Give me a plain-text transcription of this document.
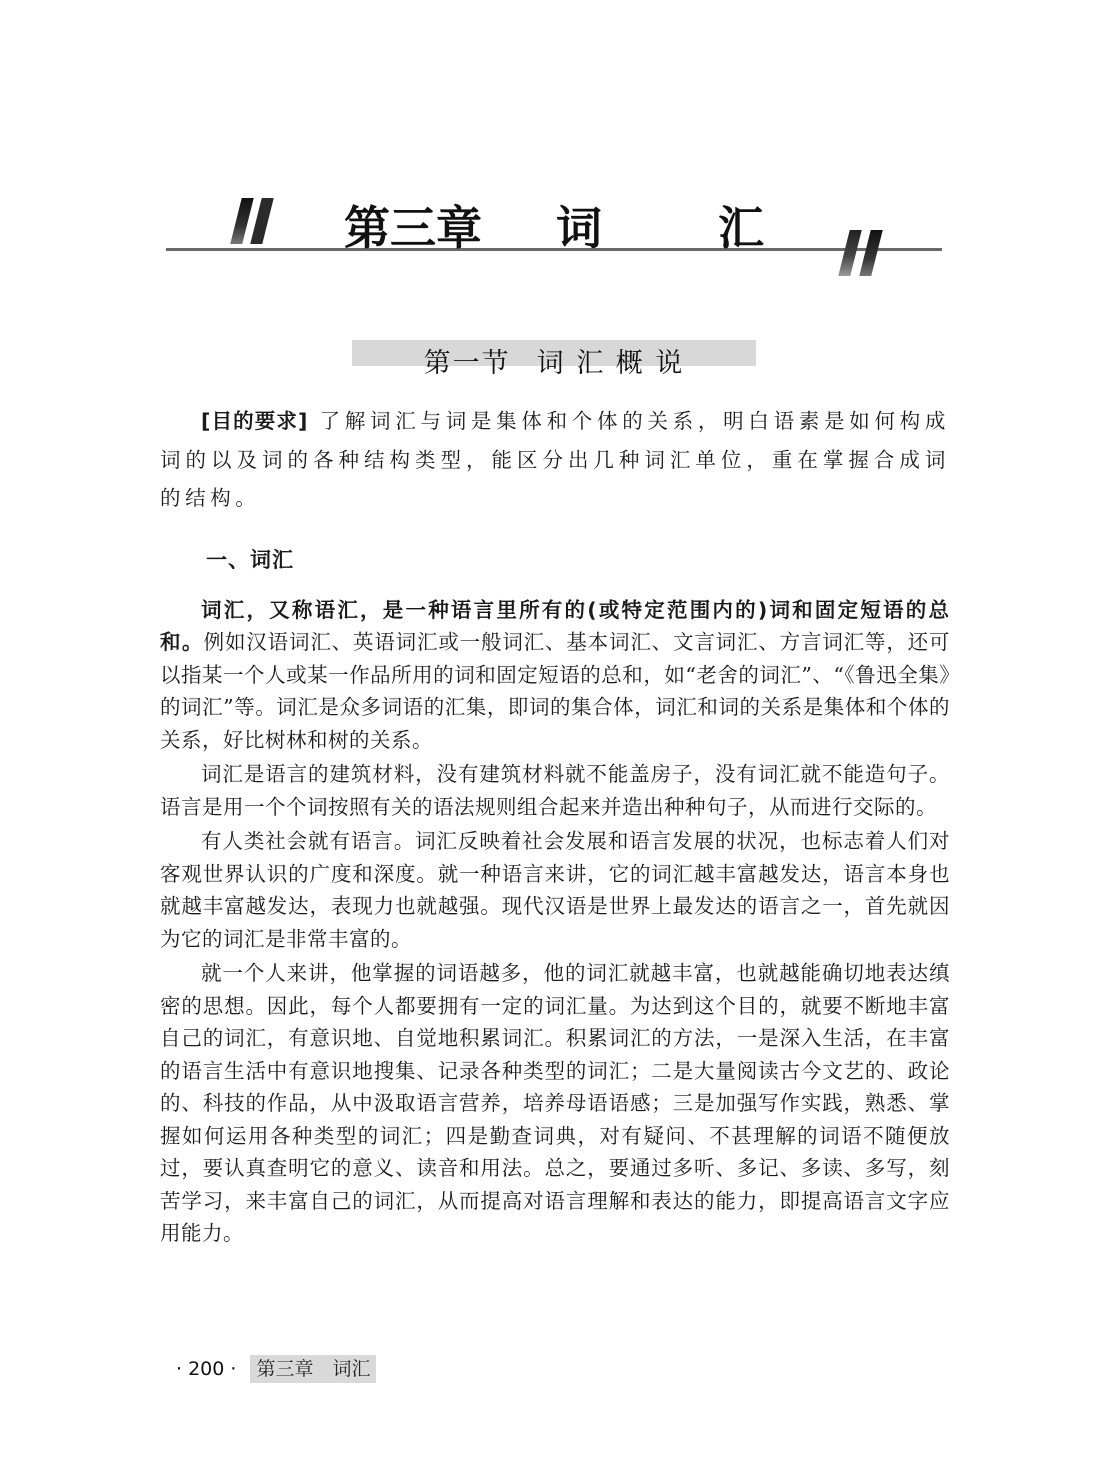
第三章 词	汇
第一节 词 汇 概 说

[目的要求] 了解词汇与词是集体和个体的关系，明白语素是如何构成词的以及词的各种结构类型，能区分出几种词汇单位，重在掌握合成词的结构。

一、词汇

词汇，又称语汇，是一种语言里所有的(或特定范围内的)词和固定短语的总和。例如汉语词汇、英语词汇或一般词汇、基本词汇、文言词汇、方言词汇等，还可以指某一个人或某一作品所用的词和固定短语的总和，如“老舍的词汇”、“《鲁迅全集》的词汇”等。词汇是众多词语的汇集，即词的集合体，词汇和词的关系是集体和个体的关系，好比树林和树的关系。

词汇是语言的建筑材料，没有建筑材料就不能盖房子，没有词汇就不能造句子。语言是用一个个词按照有关的语法规则组合起来并造出种种句子，从而进行交际的。

有人类社会就有语言。词汇反映着社会发展和语言发展的状况，也标志着人们对客观世界认识的广度和深度。就一种语言来讲，它的词汇越丰富越发达，语言本身也就越丰富越发达，表现力也就越强。现代汉语是世界上最发达的语言之一，首先就因为它的词汇是非常丰富的。

就一个人来讲，他掌握的词语越多，他的词汇就越丰富，也就越能确切地表达缜密的思想。因此，每个人都要拥有一定的词汇量。为达到这个目的，就要不断地丰富自己的词汇，有意识地、自觉地积累词汇。积累词汇的方法，一是深入生活，在丰富的语言生活中有意识地搜集、记录各种类型的词汇；二是大量阅读古今文艺的、政论的、科技的作品，从中汲取语言营养，培养母语语感；三是加强写作实践，熟悉、掌握如何运用各种类型的词汇；四是勤查词典，对有疑问、不甚理解的词语不随便放过，要认真查明它的意义、读音和用法。总之，要通过多听、多记、多读、多写，刻苦学习，来丰富自己的词汇，从而提高对语言理解和表达的能力，即提高语言文字应用能力。

· 200 ·	第三章　词汇
